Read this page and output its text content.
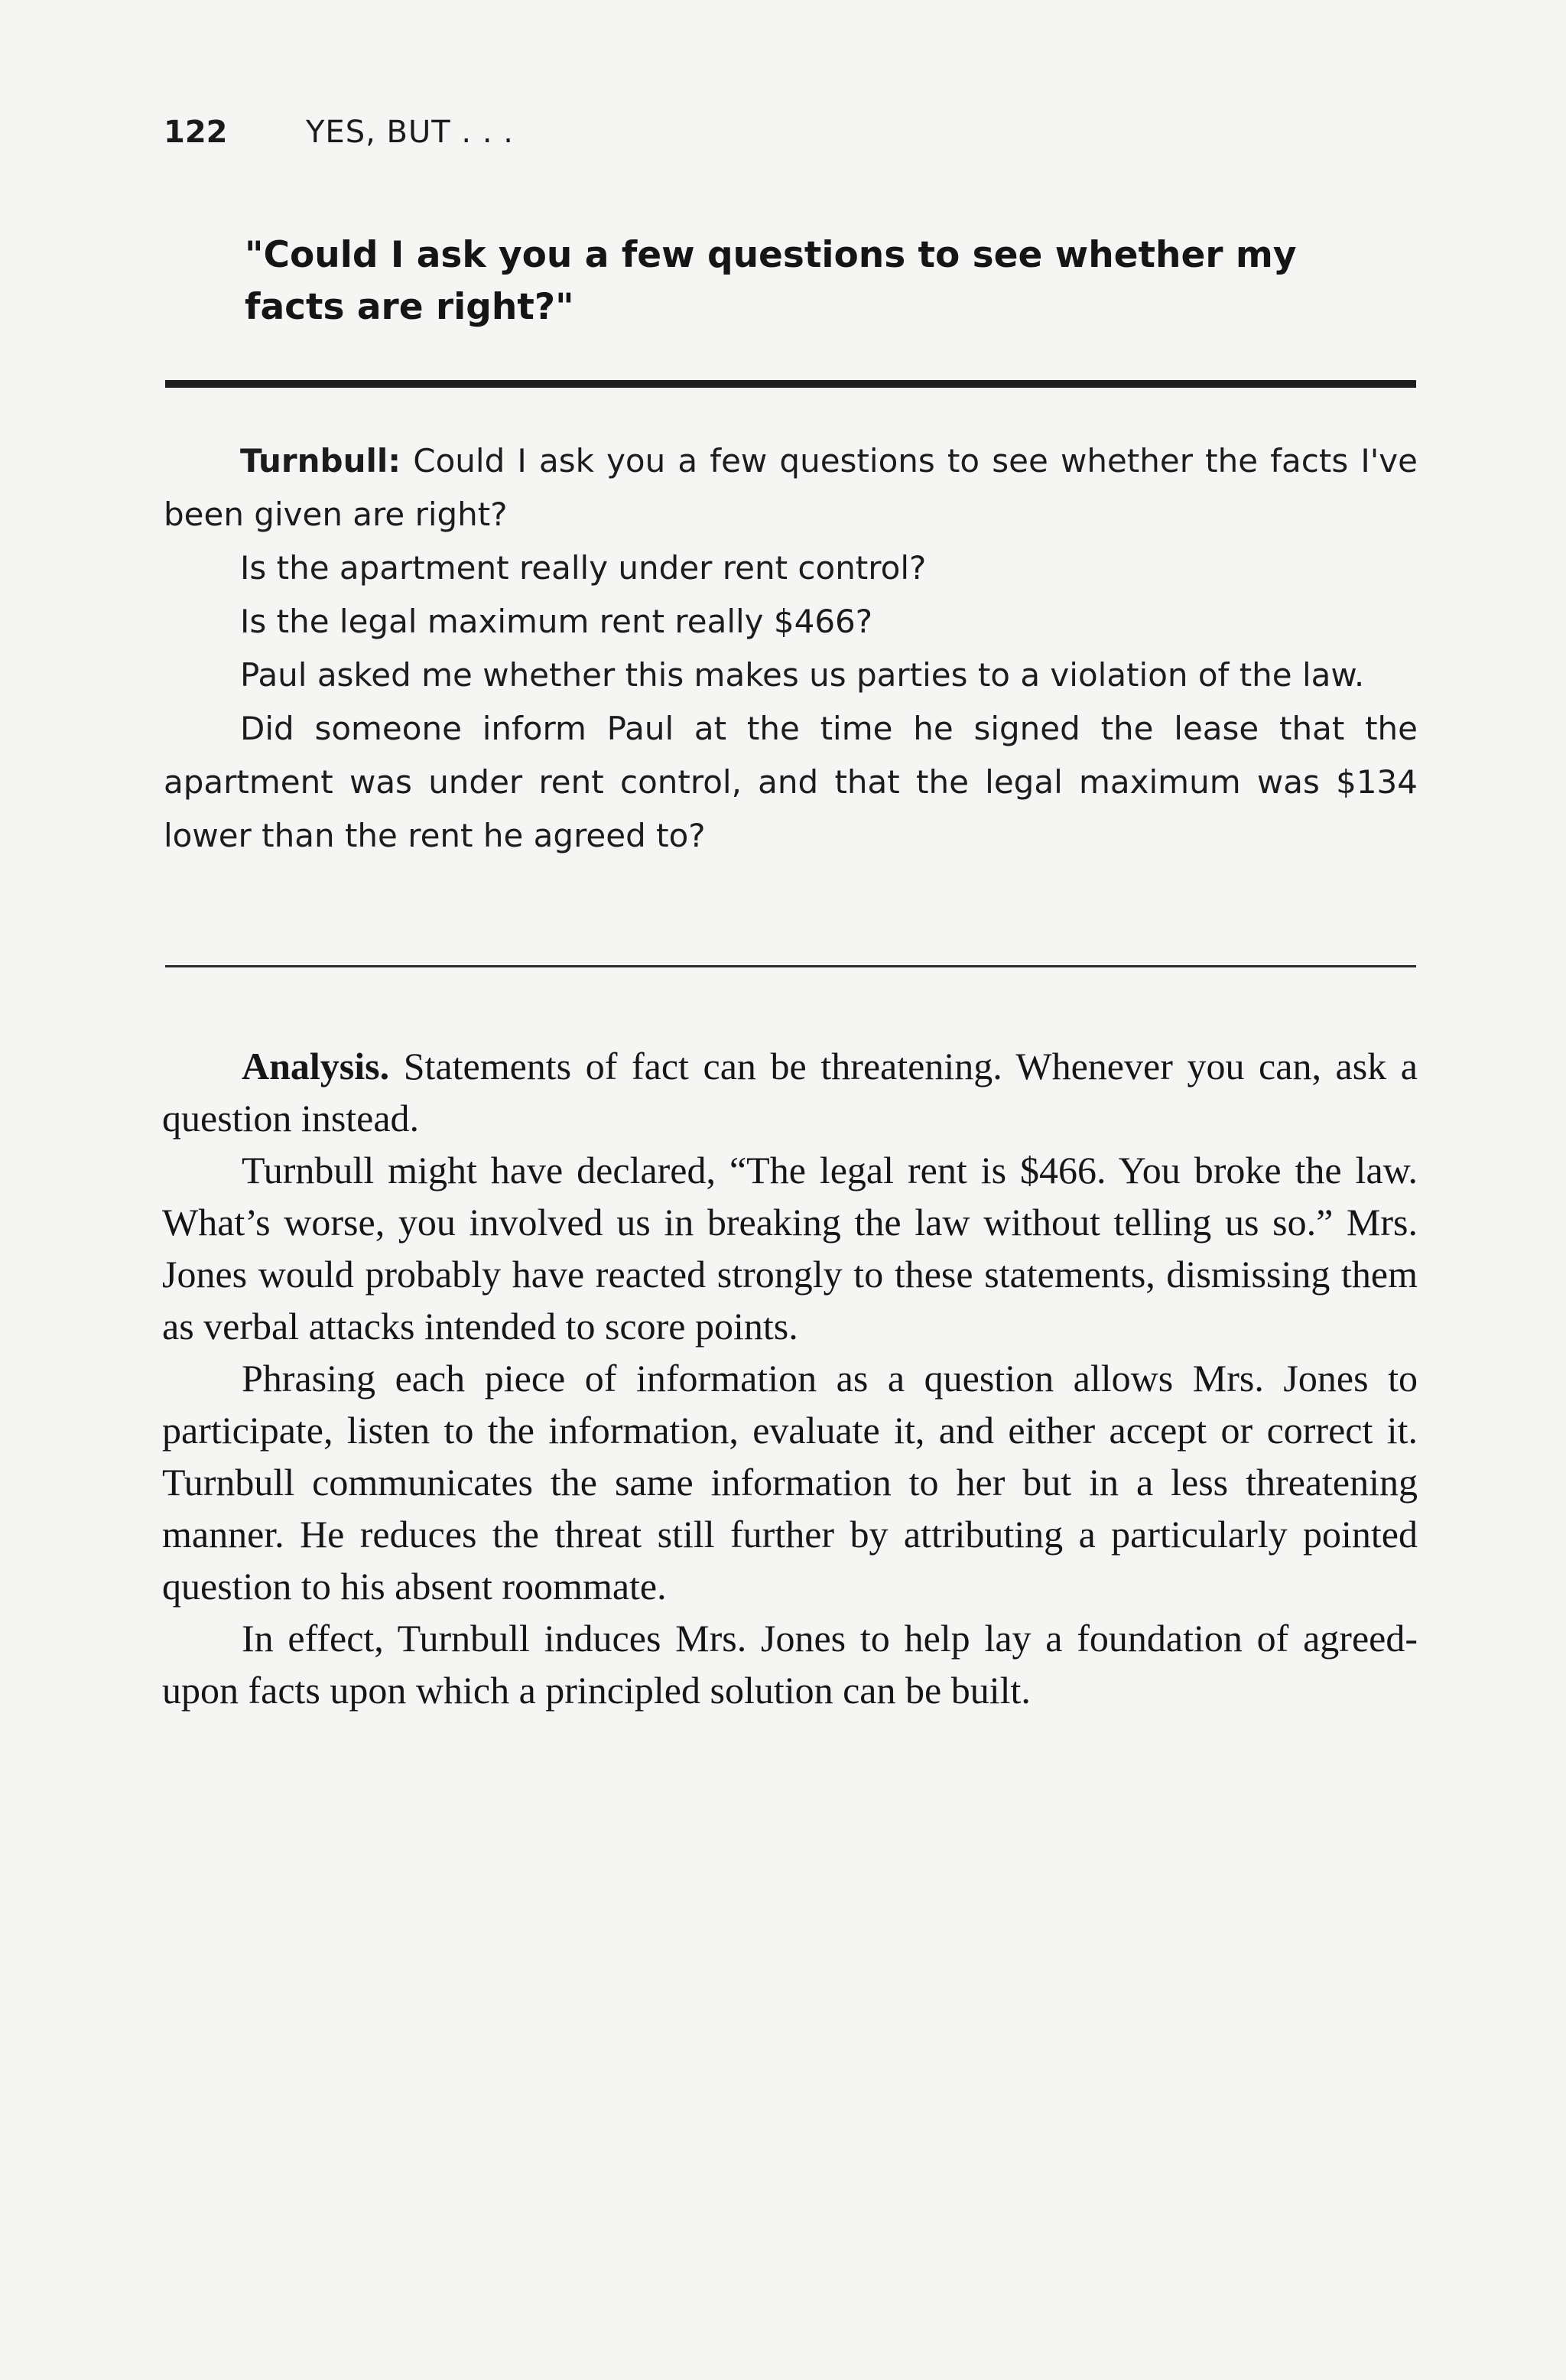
122	YES, BUT . . .
"Could I ask you a few questions to see whether my facts are right?"

Turnbull: Could I ask you a few questions to see whether the facts I've been given are right?

Is the apartment really under rent control?

Is the legal maximum rent really $466?

Paul asked me whether this makes us parties to a violation of the law.

Did someone inform Paul at the time he signed the lease that the apartment was under rent control, and that the legal maximum was $134 lower than the rent he agreed to?

Analysis. Statements of fact can be threatening. Whenever you can, ask a question instead.

Turnbull might have declared, “The legal rent is $466. You broke the law. What’s worse, you involved us in breaking the law without telling us so.” Mrs. Jones would probably have reacted strongly to these statements, dismissing them as verbal attacks intended to score points.

Phrasing each piece of information as a question allows Mrs. Jones to participate, listen to the information, evaluate it, and either accept or correct it. Turnbull communicates the same information to her but in a less threatening manner. He reduces the threat still further by attributing a particularly pointed question to his absent roommate.

In effect, Turnbull induces Mrs. Jones to help lay a foundation of agreed-upon facts upon which a principled solution can be built.
